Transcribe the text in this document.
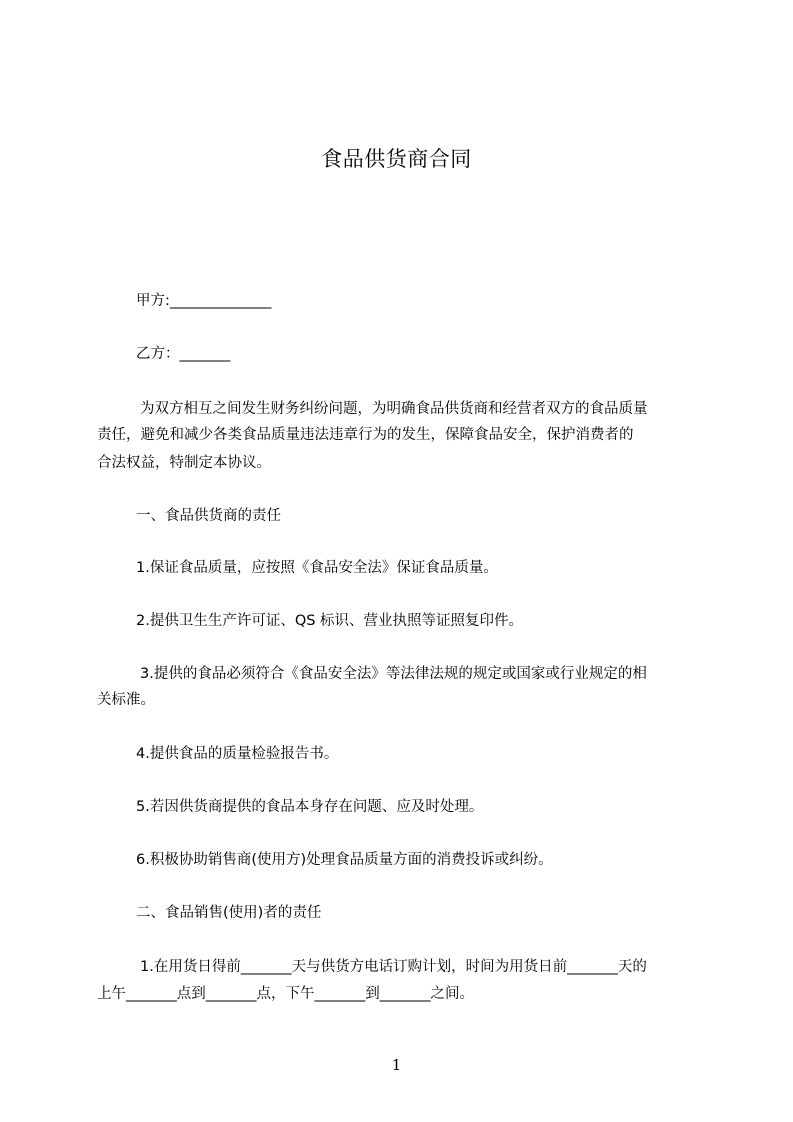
食品供货商合同
甲方:______________
乙方：_______
为双方相互之间发生财务纠纷问题，为明确食品供货商和经营者双方的食品质量
责任，避免和减少各类食品质量违法违章行为的发生，保障食品安全，保护消费者的
合法权益，特制定本协议。
一、食品供货商的责任
1.保证食品质量，应按照《食品安全法》保证食品质量。
2.提供卫生生产许可证、QS 标识、营业执照等证照复印件。
3.提供的食品必须符合《食品安全法》等法律法规的规定或国家或行业规定的相
关标准。
4.提供食品的质量检验报告书。
5.若因供货商提供的食品本身存在问题、应及时处理。
6.积极协助销售商(使用方)处理食品质量方面的消费投诉或纠纷。
二、食品销售(使用)者的责任
1.在用货日得前_______天与供货方电话订购计划，时间为用货日前_______天的
上午_______点到_______点，下午_______到_______之间。
1
